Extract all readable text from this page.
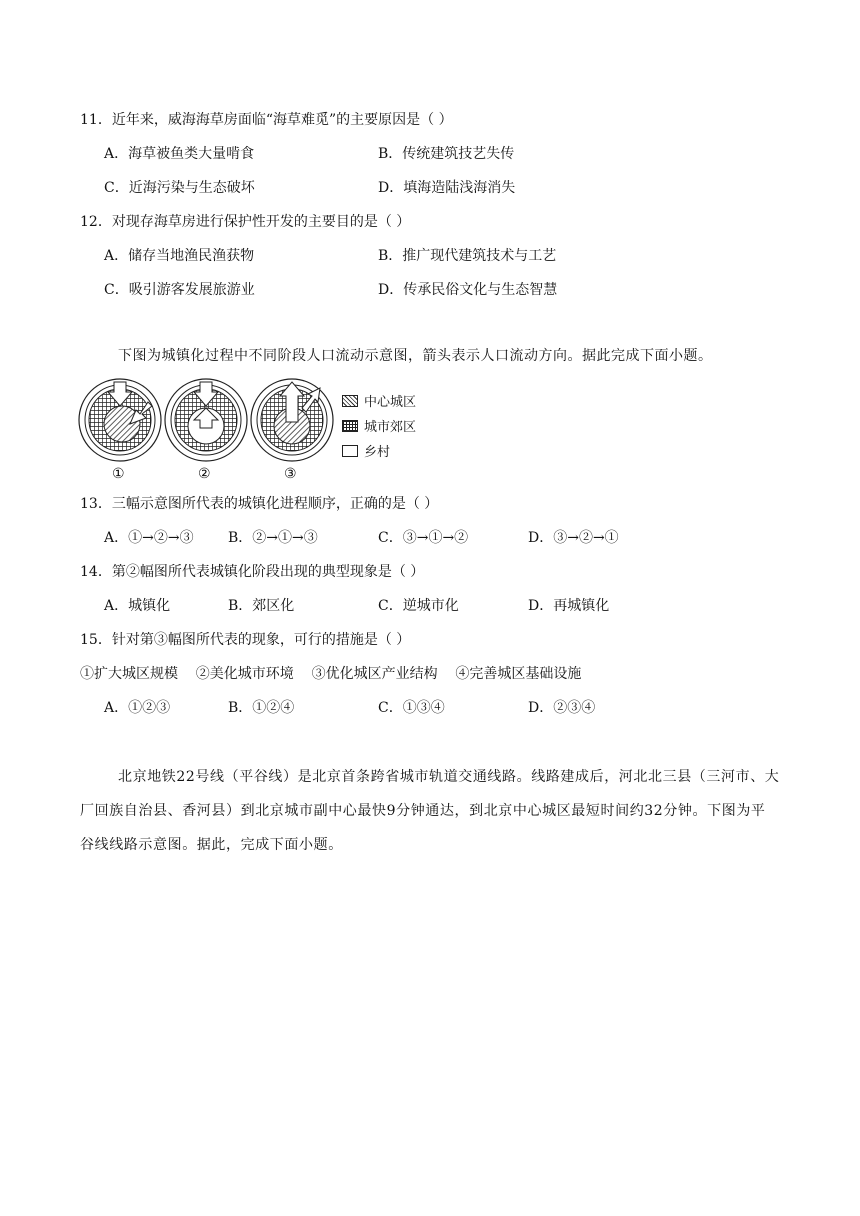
11．近年来，威海海草房面临“海草难觅”的主要原因是（ ）
A．海草被鱼类大量啃食	B．传统建筑技艺失传
C．近海污染与生态破坏	D．填海造陆浅海消失
12．对现存海草房进行保护性开发的主要目的是（ ）
A．储存当地渔民渔获物	B．推广现代建筑技术与工艺
C．吸引游客发展旅游业	D．传承民俗文化与生态智慧
下图为城镇化过程中不同阶段人口流动示意图，箭头表示人口流动方向。据此完成下面小题。
①	②	③
中心城区
城市郊区
乡村
13．三幅示意图所代表的城镇化进程顺序，正确的是（ ）
A．①→②→③ B．②→①→③	C．③→①→②	D．③→②→①
14．第②幅图所代表城镇化阶段出现的典型现象是（ ）
A．城镇化	B．郊区化	C．逆城市化	D．再城镇化
15．针对第③幅图所代表的现象，可行的措施是（ ）
①扩大城区规模    ②美化城市环境    ③优化城区产业结构    ④完善城区基础设施
A．①②③	B．①②④	C．①③④	D．②③④
北京地铁22号线（平谷线）是北京首条跨省城市轨道交通线路。线路建成后，河北北三县（三河市、大厂回族自治县、香河县）到北京城市副中心最快9分钟通达，到北京中心城区最短时间约32分钟。下图为平谷线线路示意图。据此，完成下面小题。
